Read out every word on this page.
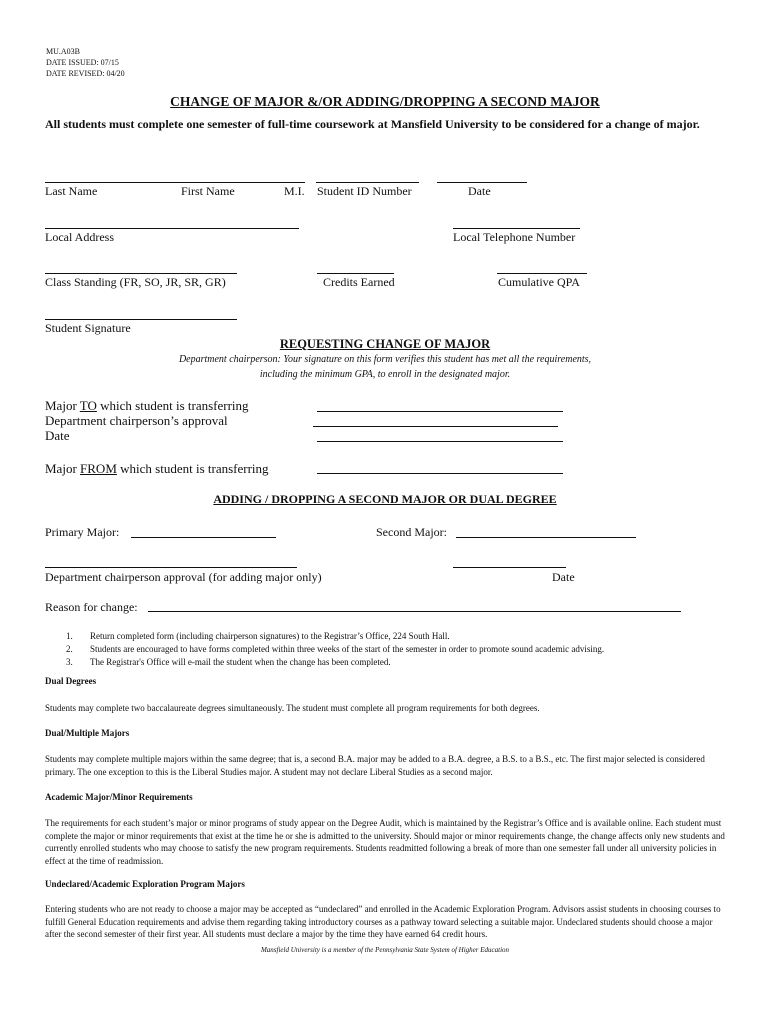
MU.A03B
DATE ISSUED: 07/15
DATE REVISED: 04/20
CHANGE OF MAJOR &/OR ADDING/DROPPING A SECOND MAJOR
All students must complete one semester of full-time coursework at Mansfield University to be considered for a change of major.
Last Name	First Name	M.I. Student ID Number	Date
Local Address	Local Telephone Number
Class Standing (FR, SO, JR, SR, GR)	Credits Earned	Cumulative QPA
Student Signature
REQUESTING CHANGE OF MAJOR
Department chairperson: Your signature on this form verifies this student has met all the requirements,
including the minimum GPA, to enroll in the designated major.
Major TO which student is transferring
Department chairperson’s approval
Date
Major FROM which student is transferring
ADDING / DROPPING A SECOND MAJOR OR DUAL DEGREE
Primary Major:	Second Major:
Department chairperson approval (for adding major only)	Date
Reason for change:
1. Return completed form (including chairperson signatures) to the Registrar’s Office, 224 South Hall.
2. Students are encouraged to have forms completed within three weeks of the start of the semester in order to promote sound academic advising.
3. The Registrar's Office will e-mail the student when the change has been completed.
Dual Degrees
Students may complete two baccalaureate degrees simultaneously. The student must complete all program requirements for both degrees.
Dual/Multiple Majors
Students may complete multiple majors within the same degree; that is, a second B.A. major may be added to a B.A. degree, a B.S. to a B.S., etc. The first major selected is considered primary. The one exception to this is the Liberal Studies major. A student may not declare Liberal Studies as a second major.
Academic Major/Minor Requirements
The requirements for each student’s major or minor programs of study appear on the Degree Audit, which is maintained by the Registrar’s Office and is available online. Each student must complete the major or minor requirements that exist at the time he or she is admitted to the university. Should major or minor requirements change, the change affects only new students and currently enrolled students who may choose to satisfy the new program requirements. Students readmitted following a break of more than one semester fall under all university policies in effect at the time of readmission.
Undeclared/Academic Exploration Program Majors
Entering students who are not ready to choose a major may be accepted as “undeclared” and enrolled in the Academic Exploration Program. Advisors assist students in choosing courses to fulfill General Education requirements and advise them regarding taking introductory courses as a pathway toward selecting a suitable major. Undeclared students should choose a major after the second semester of their first year. All students must declare a major by the time they have earned 64 credit hours.
Mansfield University is a member of the Pennsylvania State System of Higher Education
